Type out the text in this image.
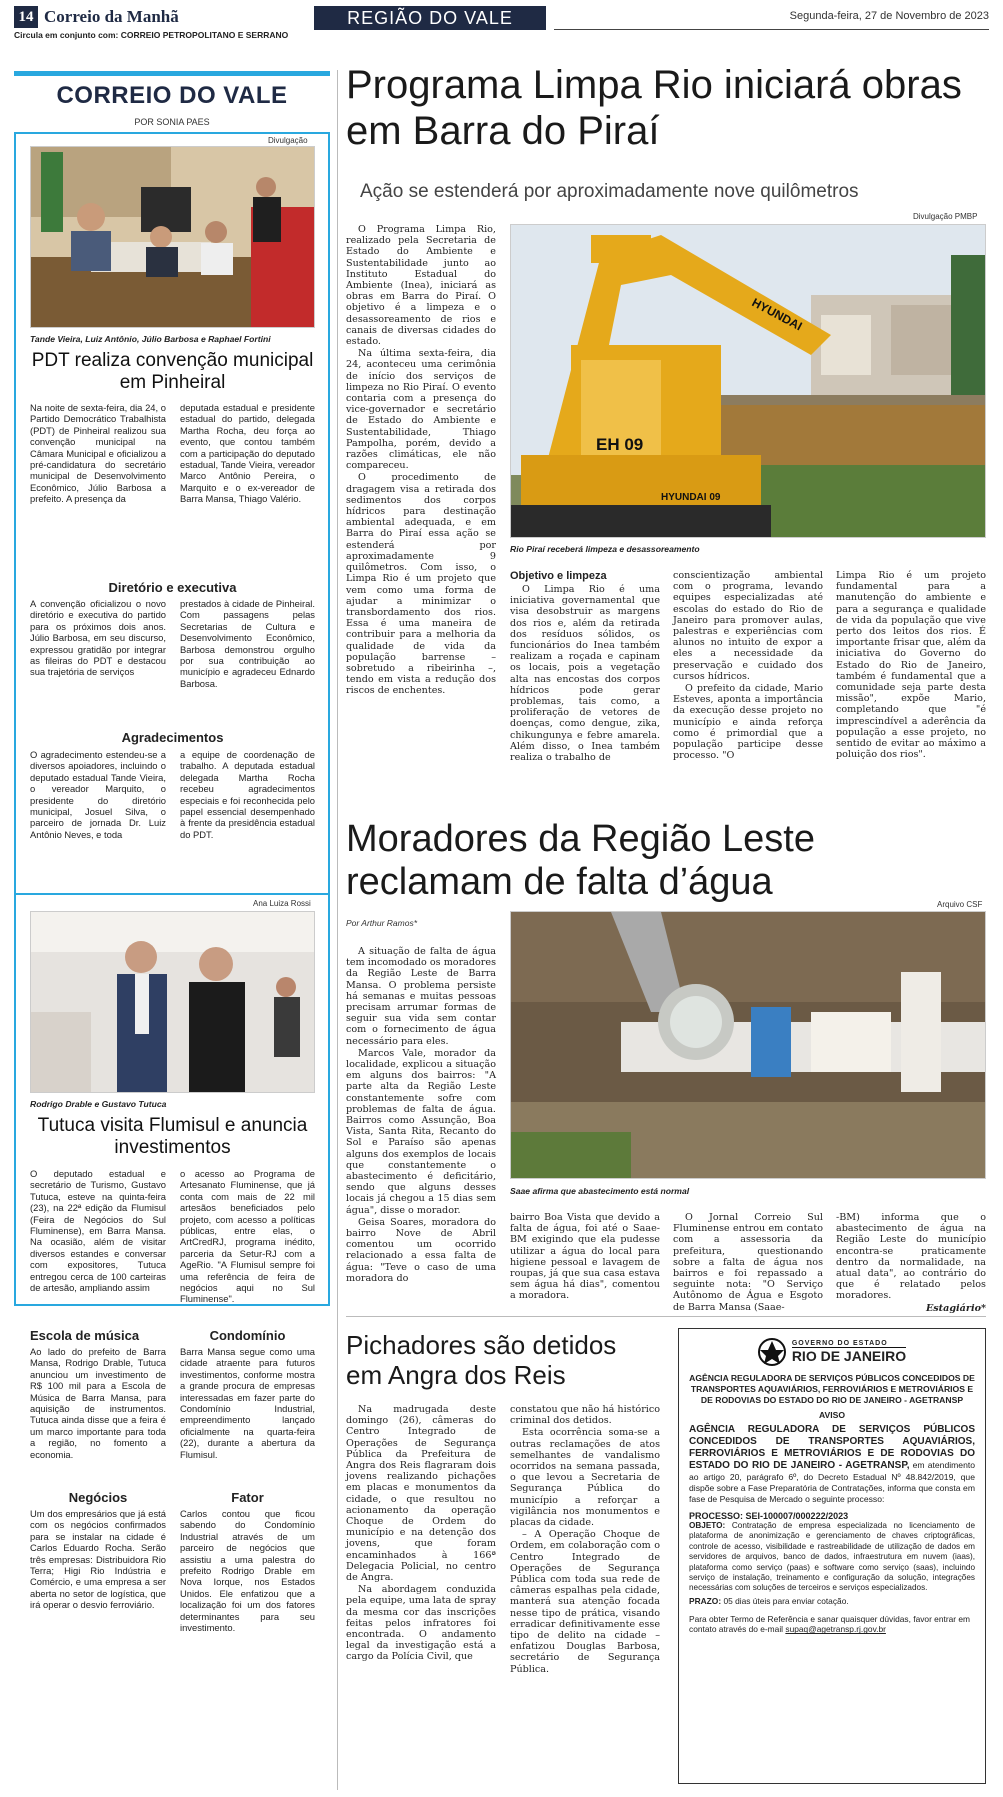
14 Correio da Manhã	REGIÃO DO VALE	Segunda-feira, 27 de Novembro de 2023
Circula em conjunto com: CORREIO PETROPOLITANO E SERRANO
CORREIO DO VALE
POR SONIA PAES
Divulgação
Tande Vieira, Luiz Antônio, Júlio Barbosa e Raphael Fortini
PDT realiza convenção municipal em Pinheiral
Na noite de sexta-feira, dia 24, o Partido Democrático Trabalhista (PDT) de Pinheiral realizou sua convenção municipal na Câmara Municipal e oficializou a pré-candidatura do secretário municipal de Desenvolvimento Econômico, Júlio Barbosa a prefeito. A presença da
deputada estadual e presidente estadual do partido, delegada Martha Rocha, deu força ao evento, que contou também com a participação do deputado estadual, Tande Vieira, vereador Marco Antônio Pereira, o Marquito e o ex-vereador de Barra Mansa, Thiago Valério.
Diretório e executiva
A convenção oficializou o novo diretório e executiva do partido para os próximos dois anos. Júlio Barbosa, em seu discurso, expressou gratidão por integrar as fileiras do PDT e destacou sua trajetória de serviços
prestados à cidade de Pinheiral. Com passagens pelas Secretarias de Cultura e Desenvolvimento Econômico, Barbosa demonstrou orgulho por sua contribuição ao município e agradeceu Ednardo Barbosa.
Agradecimentos
O agradecimento estendeu-se a diversos apoiadores, incluindo o deputado estadual Tande Vieira, o vereador Marquito, o presidente do diretório municipal, Josuel Silva, o parceiro de jornada Dr. Luiz Antônio Neves, e toda
a equipe de coordenação de trabalho. A deputada estadual delegada Martha Rocha recebeu agradecimentos especiais e foi reconhecida pelo papel essencial desempenhado à frente da presidência estadual do PDT.
Ana Luiza Rossi
Rodrigo Drable e Gustavo Tutuca
Tutuca visita Flumisul e anuncia investimentos
O deputado estadual e secretário de Turismo, Gustavo Tutuca, esteve na quinta-feira (23), na 22ª edição da Flumisul (Feira de Negócios do Sul Fluminense), em Barra Mansa. Na ocasião, além de visitar diversos estandes e conversar com expositores, Tutuca entregou cerca de 100 carteiras de artesão, ampliando assim
o acesso ao Programa de Artesanato Fluminense, que já conta com mais de 22 mil artesãos beneficiados pelo projeto, com acesso a políticas públicas, entre elas, o ArtCredRJ, programa inédito, parceria da Setur-RJ com a AgeRio. "A Flumisul sempre foi uma referência de feira de negócios aqui no Sul Fluminense".
Escola de música
Ao lado do prefeito de Barra Mansa, Rodrigo Drable, Tutuca anunciou um investimento de R$ 100 mil para a Escola de Música de Barra Mansa, para aquisição de instrumentos. Tutuca ainda disse que a feira é um marco importante para toda a região, no fomento a economia.
Negócios
Um dos empresários que já está com os negócios confirmados para se instalar na cidade é Carlos Eduardo Rocha. Serão três empresas: Distribuidora Rio Terra; Higi Rio Indústria e Comércio, e uma empresa a ser aberta no setor de logística, que irá operar o desvio ferroviário.
Condomínio
Barra Mansa segue como uma cidade atraente para futuros investimentos, conforme mostra a grande procura de empresas interessadas em fazer parte do Condomínio Industrial, empreendimento lançado oficialmente na quarta-feira (22), durante a abertura da Flumisul.
Fator
Carlos contou que ficou sabendo do Condomínio Industrial através de um parceiro de negócios que assistiu a uma palestra do prefeito Rodrigo Drable em Nova Iorque, nos Estados Unidos. Ele enfatizou que a localização foi um dos fatores determinantes para seu investimento.
Programa Limpa Rio iniciará obras em Barra do Piraí
Ação se estenderá por aproximadamente nove quilômetros
Divulgação PMBP

O Programa Limpa Rio, realizado pela Secretaria de Estado do Ambiente e Sustentabilidade junto ao Instituto Estadual do Ambiente (Inea), iniciará as obras em Barra do Piraí. O objetivo é a limpeza e o desassoreamento de rios e canais de diversas cidades do estado.

Na última sexta-feira, dia 24, aconteceu uma cerimônia de início dos serviços de limpeza no Rio Piraí. O evento contaria com a presença do vice-governador e secretário de Estado do Ambiente e Sustentabilidade, Thiago Pampolha, porém, devido a razões climáticas, ele não compareceu.

O procedimento de dragagem visa a retirada dos sedimentos dos corpos hídricos para destinação ambiental adequada, e em Barra do Piraí essa ação se estenderá por aproximadamente 9 quilômetros. Com isso, o Limpa Rio é um projeto que vem como uma forma de ajudar a minimizar o transbordamento dos rios. Essa é uma maneira de contribuir para a melhoria da qualidade de vida da população barrense – sobretudo a ribeirinha –, tendo em vista a redução dos riscos de enchentes.

EH 09
HYUNDAI 09
HYUNDAI
Rio Piraí receberá limpeza e desassoreamento
Objetivo e limpeza

O Limpa Rio é uma iniciativa governamental que visa desobstruir as margens dos rios e, além da retirada dos resíduos sólidos, os funcionários do Inea também realizam a roçada e capinam os locais, pois a vegetação alta nas encostas dos corpos hídricos pode gerar problemas, tais como, a proliferação de vetores de doenças, como dengue, zika, chikungunya e febre amarela. Além disso, o Inea também realiza o trabalho de

conscientização ambiental com o programa, levando equipes especializadas até escolas do estado do Rio de Janeiro para promover aulas, palestras e experiências com alunos no intuito de expor a eles a necessidade da preservação e cuidado dos cursos hídricos.

O prefeito da cidade, Mario Esteves, aponta a importância da execução desse projeto no município e ainda reforça como é primordial que a população participe desse processo. "O

Limpa Rio é um projeto fundamental para a manutenção do ambiente e para a segurança e qualidade de vida da população que vive perto dos leitos dos rios. É importante frisar que, além da iniciativa do Governo do Estado do Rio de Janeiro, também é fundamental que a comunidade seja parte desta missão", expõe Mario, completando que "é imprescindível a aderência da população a esse projeto, no sentido de evitar ao máximo a poluição dos rios".

Moradores da Região Leste reclamam de falta d’água
Por Arthur Ramos*
Arquivo CSF

A situação de falta de água tem incomodado os moradores da Região Leste de Barra Mansa. O problema persiste há semanas e muitas pessoas precisam arrumar formas de seguir sua vida sem contar com o fornecimento de água necessário para eles.

Marcos Vale, morador da localidade, explicou a situação em alguns dos bairros: "A parte alta da Região Leste constantemente sofre com problemas de falta de água. Bairros como Assunção, Boa Vista, Santa Rita, Recanto do Sol e Paraíso são apenas alguns dos exemplos de locais que constantemente o abastecimento é deficitário, sendo que alguns desses locais já chegou a 15 dias sem água", disse o morador.

Geisa Soares, moradora do bairro Nove de Abril comentou um ocorrido relacionado a essa falta de água: "Teve o caso de uma moradora do

Saae afirma que abastecimento está normal

bairro Boa Vista que devido a falta de água, foi até o Saae-BM exigindo que ela pudesse utilizar a água do local para higiene pessoal e lavagem de roupas, já que sua casa estava sem água há dias", comentou a moradora.

O Jornal Correio Sul Fluminense entrou em contato com a assessoria da prefeitura, questionando sobre a falta de água nos bairros e foi repassado a seguinte nota: "O Serviço Autônomo de Água e Esgoto de Barra Mansa (Saae-

-BM) informa que o abastecimento de água na Região Leste do município encontra-se praticamente dentro da normalidade, na atual data", ao contrário do que é relatado pelos moradores.

Estagiário*

Pichadores são detidos em Angra dos Reis

Na madrugada deste domingo (26), câmeras do Centro Integrado de Operações de Segurança Pública da Prefeitura de Angra dos Reis flagraram dois jovens realizando pichações em placas e monumentos da cidade, o que resultou no acionamento da operação Choque de Ordem do município e na detenção dos jovens, que foram encaminhados à 166ª Delegacia Policial, no centro de Angra.

Na abordagem conduzida pela equipe, uma lata de spray da mesma cor das inscrições feitas pelos infratores foi encontrada. O andamento legal da investigação está a cargo da Polícia Civil, que

constatou que não há histórico criminal dos detidos.

Esta ocorrência soma-se a outras reclamações de atos semelhantes de vandalismo ocorridos na semana passada, o que levou a Secretaria de Segurança Pública do município a reforçar a vigilância nos monumentos e placas da cidade.

– A Operação Choque de Ordem, em colaboração com o Centro Integrado de Operações de Segurança Pública com toda sua rede de câmeras espalhas pela cidade, manterá sua atenção focada nesse tipo de prática, visando erradicar definitivamente esse tipo de delito na cidade – enfatizou Douglas Barbosa, secretário de Segurança Pública.

GOVERNO DO ESTADO
RIO DE JANEIRO
AGÊNCIA REGULADORA DE SERVIÇOS PÚBLICOS CONCEDIDOS DE TRANSPORTES AQUAVIÁRIOS, FERROVIÁRIOS E METROVIÁRIOS E DE RODOVIAS DO ESTADO DO RIO DE JANEIRO - AGETRANSP
AVISO
AGÊNCIA REGULADORA DE SERVIÇOS PÚBLICOS CONCEDIDOS DE TRANSPORTES AQUAVIÁRIOS, FERROVIÁRIOS E METROVIÁRIOS E DE RODOVIAS DO ESTADO DO RIO DE JANEIRO - AGETRANSP, em atendimento ao artigo 20, parágrafo 6º, do Decreto Estadual Nº 48.842/2019, que dispõe sobre a Fase Preparatória de Contratações, informa que consta em fase de Pesquisa de Mercado o seguinte processo:
PROCESSO: SEI-100007/000222/2023
OBJETO: Contratação de empresa especializada no licenciamento de plataforma de anonimização e gerenciamento de chaves criptográficas, controle de acesso, visibilidade e rastreabilidade de utilização de dados em servidores de arquivos, banco de dados, infraestrutura em nuvem (iaas), plataforma como serviço (paas) e software como serviço (saas), incluindo serviço de instalação, treinamento e configuração da solução, integrações necessárias com soluções de terceiros e serviços especializados.
PRAZO: 05 dias úteis para enviar cotação.
Para obter Termo de Referência e sanar quaisquer dúvidas, favor entrar em contato através do e-mail supaq@agetransp.rj.gov.br
